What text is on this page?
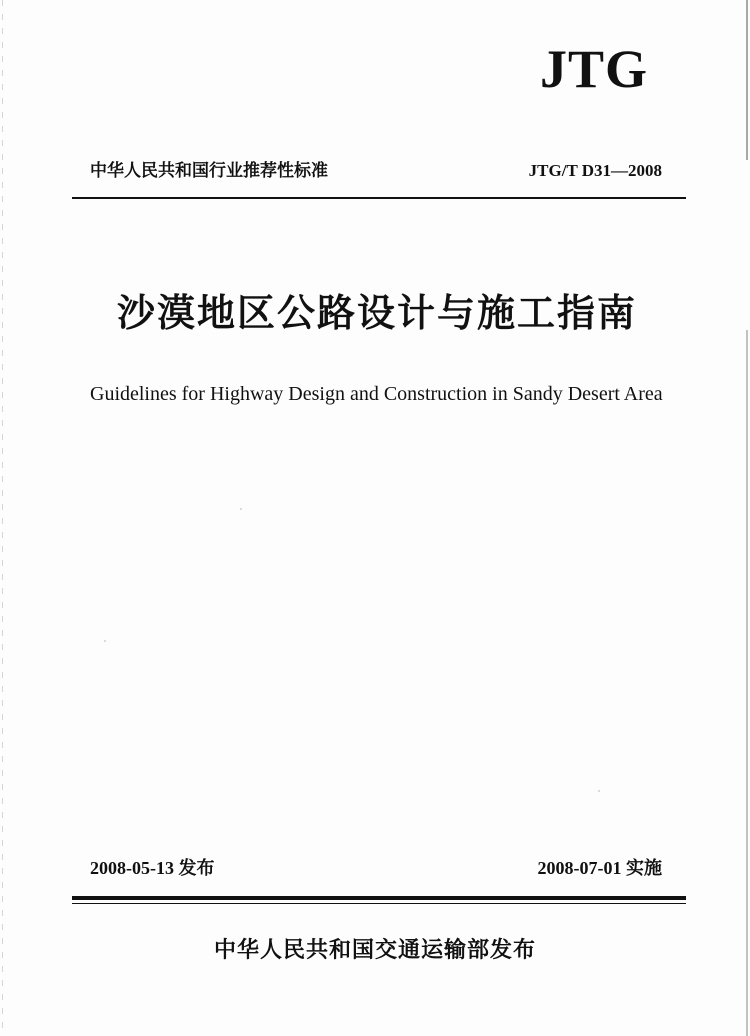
JTG
中华人民共和国行业推荐性标准	JTG/T D31—2008
沙漠地区公路设计与施工指南
Guidelines for Highway Design and Construction in Sandy Desert Area
2008-05-13 发布	2008-07-01 实施
中华人民共和国交通运输部发布
